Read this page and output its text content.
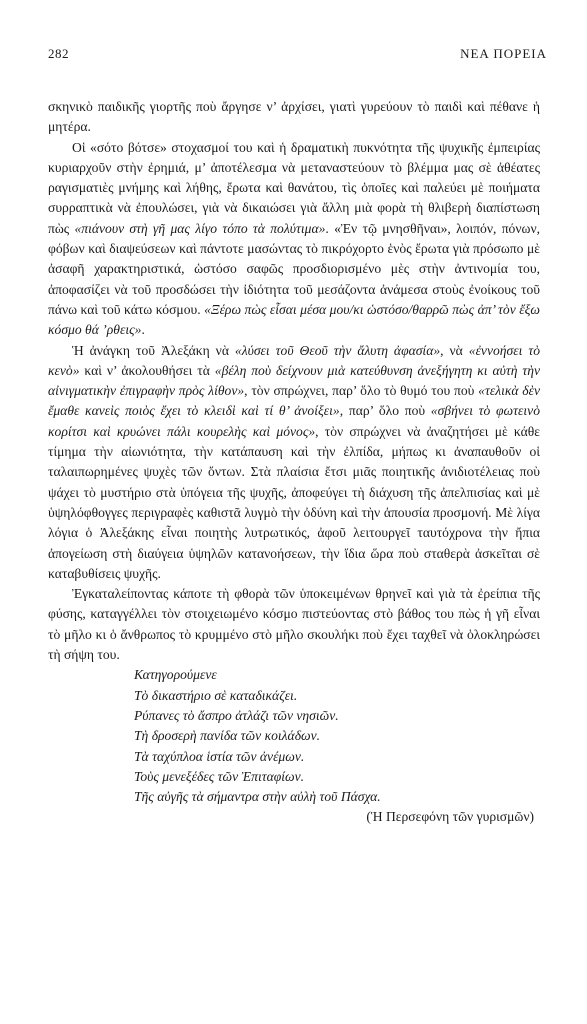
282	ΝΕΑ ΠΟΡΕΙΑ

σκηνικὸ παιδικῆς γιορτῆς ποὺ ἄργησε ν’ ἀρχίσει, γιατὶ γυρεύουν τὸ παιδὶ καὶ πέθανε ἡ μητέρα.

Οἱ «σότο βότσε» στοχασμοί του καὶ ἡ δραματικὴ πυκνότητα τῆς ψυχικῆς ἐμπειρίας κυριαρχοῦν στὴν ἐρημιά, μ’ ἀποτέλεσμα νὰ μεταναστεύουν τὸ βλέμμα μας σὲ ἀθέατες ραγισματιὲς μνήμης καὶ λήθης, ἔρωτα καὶ θανάτου, τὶς ὁποῖες καὶ παλεύει μὲ ποιήματα συρραπτικὰ νὰ ἐπουλώσει, γιὰ νὰ δικαιώσει γιὰ ἄλλη μιὰ φορὰ τὴ θλιβερὴ διαπίστωση πὼς «πιάνουν στὴ γῆ μας λίγο τόπο τὰ πολύτιμα». «Ἐν τῷ μνησθῆναι», λοιπόν, πόνων, φόβων καὶ διαψεύσεων καὶ πάντοτε μασώντας τὸ πικρόχορτο ἑνὸς ἔρωτα γιὰ πρόσωπο μὲ ἀσαφῆ χαρακτηριστικά, ὡστόσο σαφῶς προσδιορισμένο μὲς στὴν ἀντινομία του, ἀποφασίζει νὰ τοῦ προσδώσει τὴν ἰδιότητα τοῦ μεσάζοντα ἀνάμεσα στοὺς ἐνοίκους τοῦ πάνω καὶ τοῦ κάτω κόσμου. «Ξέρω πὼς εἶσαι μέσα μου/κι ὡστόσο/θαρρῶ πὼς ἀπ’ τὸν ἔξω κόσμο θά ’ρθεις».

Ἡ ἀνάγκη τοῦ Ἀλεξάκη νὰ «λύσει τοῦ Θεοῦ τὴν ἄλυτη ἀφασία», νὰ «ἐννοήσει τὸ κενὸ» καὶ ν’ ἀκολουθήσει τὰ «βέλη ποὺ δείχνουν μιὰ κατεύθυνση ἀνεξήγητη κι αὐτὴ τὴν αἰνιγματικὴν ἐπιγραφὴν πρὸς λίθον», τὸν σπρώχνει, παρ’ ὅλο τὸ θυμό του ποὺ «τελικὰ δὲν ἔμαθε κανεὶς ποιὸς ἔχει τὸ κλειδὶ καὶ τί θ’ ἀνοίξει», παρ’ ὅλο ποὺ «σβήνει τὸ φωτεινὸ κορίτσι καὶ κρυώνει πάλι κουρελὴς καὶ μόνος», τὸν σπρώχνει νὰ ἀναζητήσει μὲ κάθε τίμημα τὴν αἰωνιότητα, τὴν κατάπαυση καὶ τὴν ἐλπίδα, μήπως κι ἀναπαυθοῦν οἱ ταλαιπωρημένες ψυχὲς τῶν ὄντων. Στὰ πλαίσια ἔτσι μιᾶς ποιητικῆς ἀνιδιοτέλειας ποὺ ψάχει τὸ μυστήριο στὰ ὑπόγεια τῆς ψυχῆς, ἀποφεύγει τὴ διάχυση τῆς ἀπελπισίας καὶ μὲ ὑψηλόφθογγες περιγραφὲς καθιστᾶ λυγμὸ τὴν ὀδύνη καὶ τὴν ἀπουσία προσμονή. Μὲ λίγα λόγια ὁ Ἀλεξάκης εἶναι ποιητὴς λυτρωτικός, ἀφοῦ λειτουργεῖ ταυτόχρονα τὴν ἤπια ἀπογείωση στὴ διαύγεια ὑψηλῶν κατανοήσεων, τὴν ἴδια ὥρα ποὺ σταθερὰ ἀσκεῖται σὲ καταβυθίσεις ψυχῆς.

Ἐγκαταλείποντας κάποτε τὴ φθορὰ τῶν ὑποκειμένων θρηνεῖ καὶ γιὰ τὰ ἐρείπια τῆς φύσης, καταγγέλλει τὸν στοιχειωμένο κόσμο πιστεύοντας στὸ βάθος του πὼς ἡ γῆ εἶναι τὸ μῆλο κι ὁ ἄνθρωπος τὸ κρυμμένο στὸ μῆλο σκουλήκι ποὺ ἔχει ταχθεῖ νὰ ὁλοκληρώσει τὴ σήψη του.

Κατηγορούμενε
Τὸ δικαστήριο σὲ καταδικάζει.
Ρύπανες τὸ ἄσπρο ἀτλάζι τῶν νησιῶν.
Τὴ δροσερὴ πανίδα τῶν κοιλάδων.
Τὰ ταχύπλοα ἱστία τῶν ἀνέμων.
Τοὺς μενεξέδες τῶν Ἐπιταφίων.
Τῆς αὐγῆς τὰ σήμαντρα στὴν αὐλὴ τοῦ Πάσχα.
(Ἡ Περσεφόνη τῶν γυρισμῶν)
